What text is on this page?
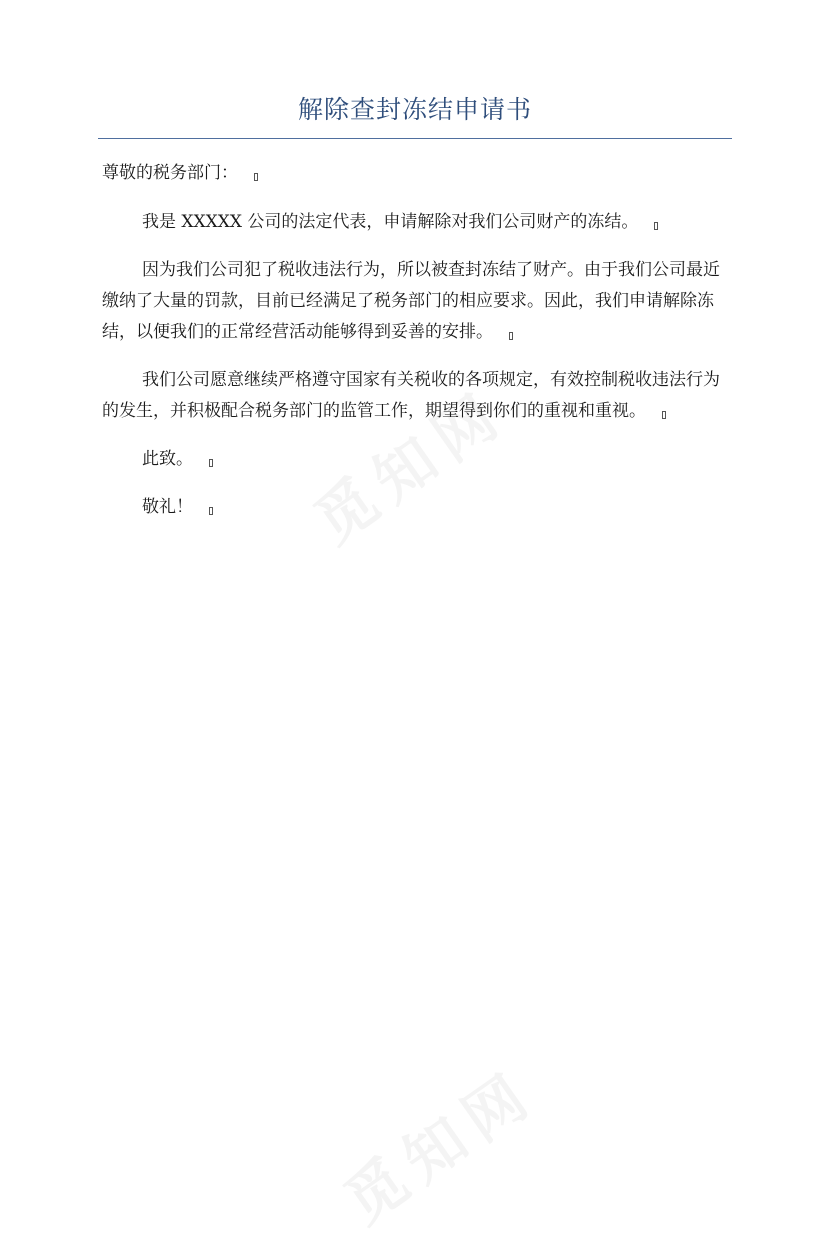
解除查封冻结申请书

尊敬的税务部门：

我是 XXXXX 公司的法定代表，申请解除对我们公司财产的冻结。

因为我们公司犯了税收违法行为，所以被查封冻结了财产。由于我们公司最近缴纳了大量的罚款，目前已经满足了税务部门的相应要求。因此，我们申请解除冻结，以便我们的正常经营活动能够得到妥善的安排。

我们公司愿意继续严格遵守国家有关税收的各项规定，有效控制税收违法行为的发生，并积极配合税务部门的监管工作，期望得到你们的重视和重视。

此致。

敬礼！
